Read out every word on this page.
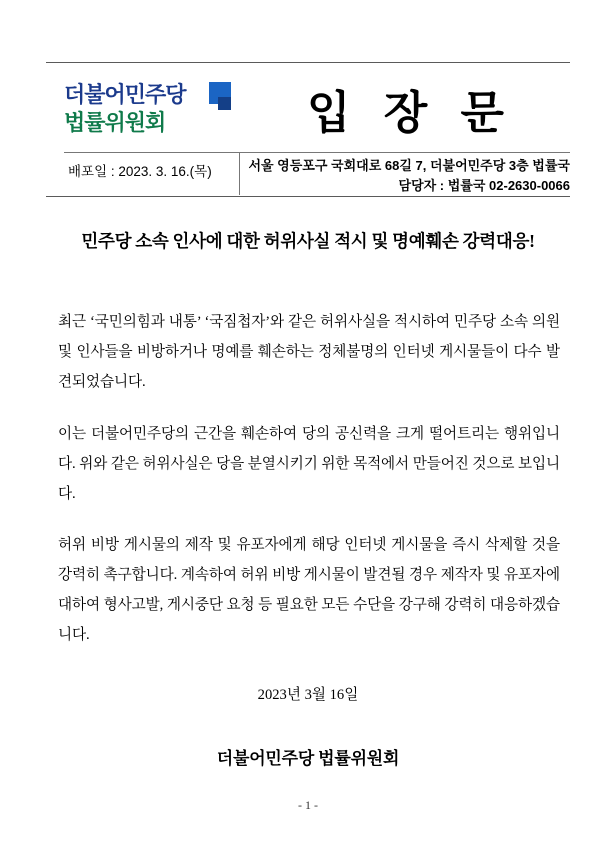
더불어민주당
법률위원회	입 장 문
배포일 : 2023. 3. 16.(목)	서울 영등포구 국회대로 68길 7, 더불어민주당 3층 법률국
담당자 : 법률국 02-2630-0066
민주당 소속 인사에 대한 허위사실 적시 및 명예훼손 강력대응!

최근 ‘국민의힘과 내통’ ‘국짐첩자’와 같은 허위사실을 적시하여 민주당 소속 의원 및 인사들을 비방하거나 명예를 훼손하는 정체불명의 인터넷 게시물들이 다수 발견되었습니다.

이는 더불어민주당의 근간을 훼손하여 당의 공신력을 크게 떨어트리는 행위입니다. 위와 같은 허위사실은 당을 분열시키기 위한 목적에서 만들어진 것으로 보입니다.

허위 비방 게시물의 제작 및 유포자에게 해당 인터넷 게시물을 즉시 삭제할 것을 강력히 촉구합니다. 계속하여 허위 비방 게시물이 발견될 경우 제작자 및 유포자에 대하여 형사고발, 게시중단 요청 등 필요한 모든 수단을 강구해 강력히 대응하겠습니다.

2023년 3월 16일
더불어민주당 법률위원회
- 1 -
